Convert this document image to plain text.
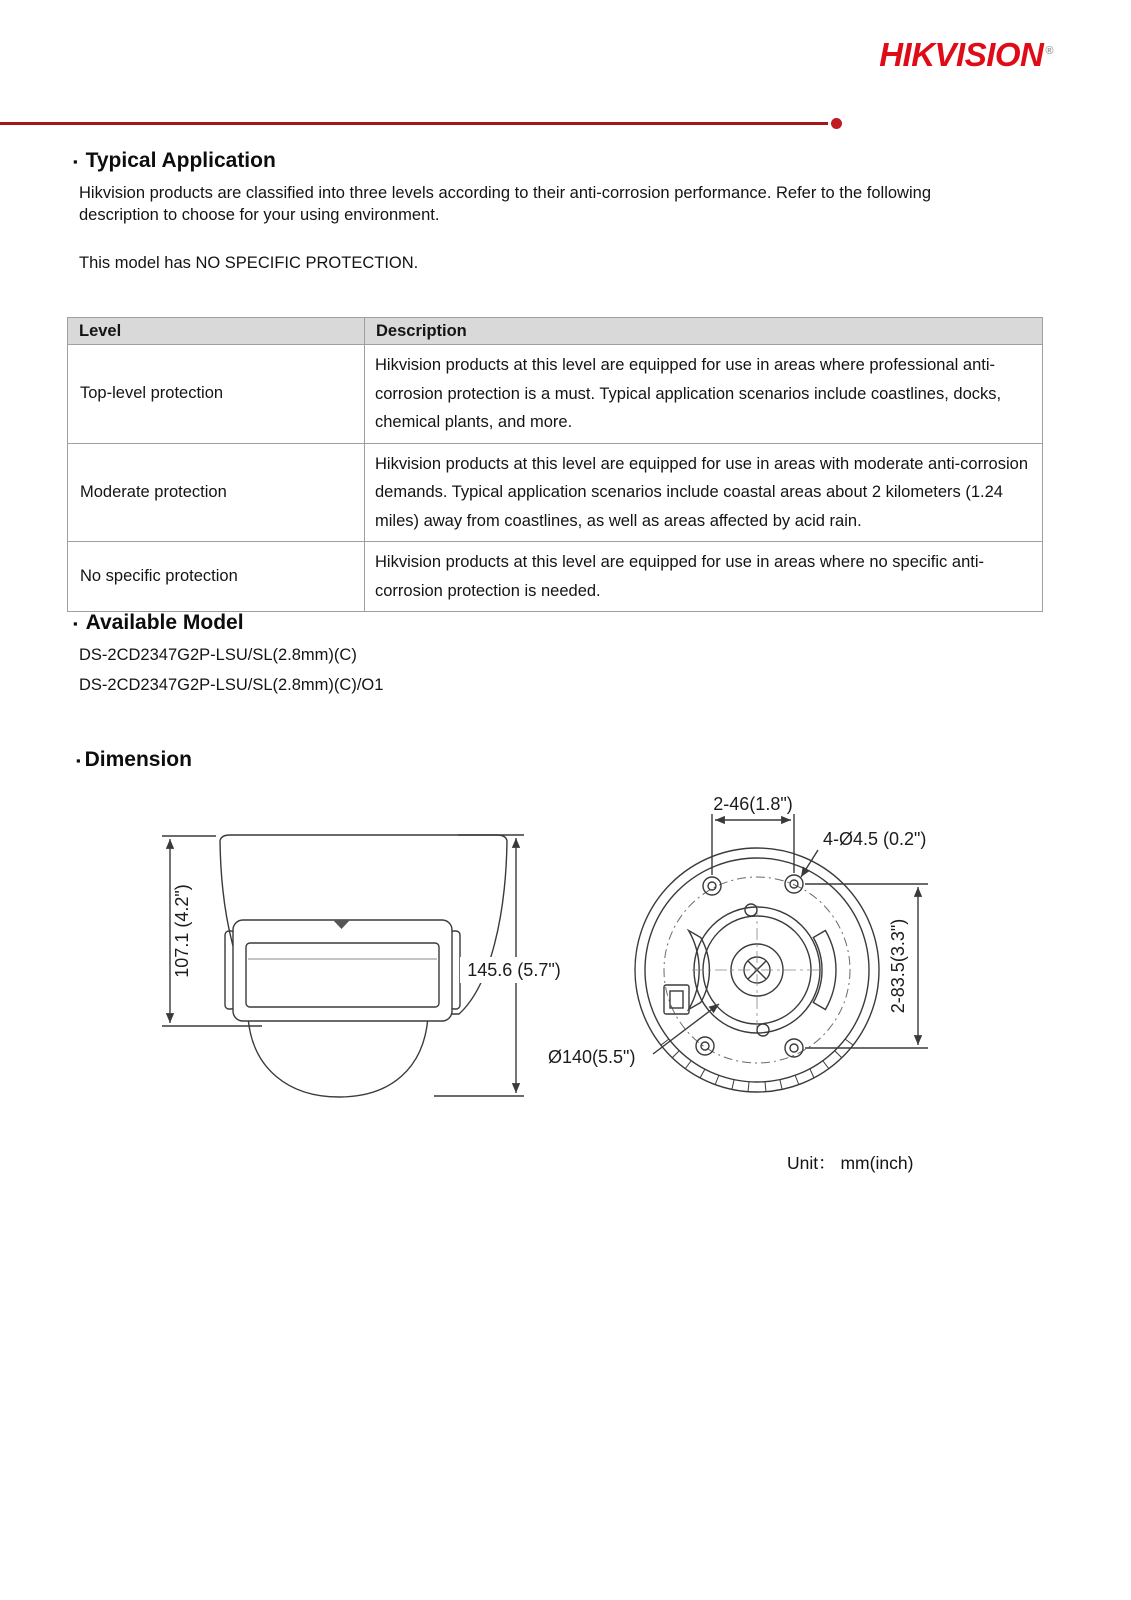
HIKVISION ®
▪ Typical Application
Hikvision products are classified into three levels according to their anti-corrosion performance. Refer to the following description to choose for your using environment.
This model has NO SPECIFIC PROTECTION.
Level	Description
Top-level protection	Hikvision products at this level are equipped for use in areas where professional anti-corrosion protection is a must. Typical application scenarios include coastlines, docks, chemical plants, and more.
Moderate protection	Hikvision products at this level are equipped for use in areas with moderate anti-corrosion demands. Typical application scenarios include coastal areas about 2 kilometers (1.24 miles) away from coastlines, as well as areas affected by acid rain.
No specific protection	Hikvision products at this level are equipped for use in areas where no specific anti-corrosion protection is needed.
▪ Available Model
DS-2CD2347G2P-LSU/SL(2.8mm)(C)
DS-2CD2347G2P-LSU/SL(2.8mm)(C)/O1
▪ Dimension
107.1 (4.2")	145.6 (5.7")
2-46(1.8")
4-Ø4.5 (0.2")
2-83.5(3.3")
Ø140(5.5")
Unit： mm(inch)
